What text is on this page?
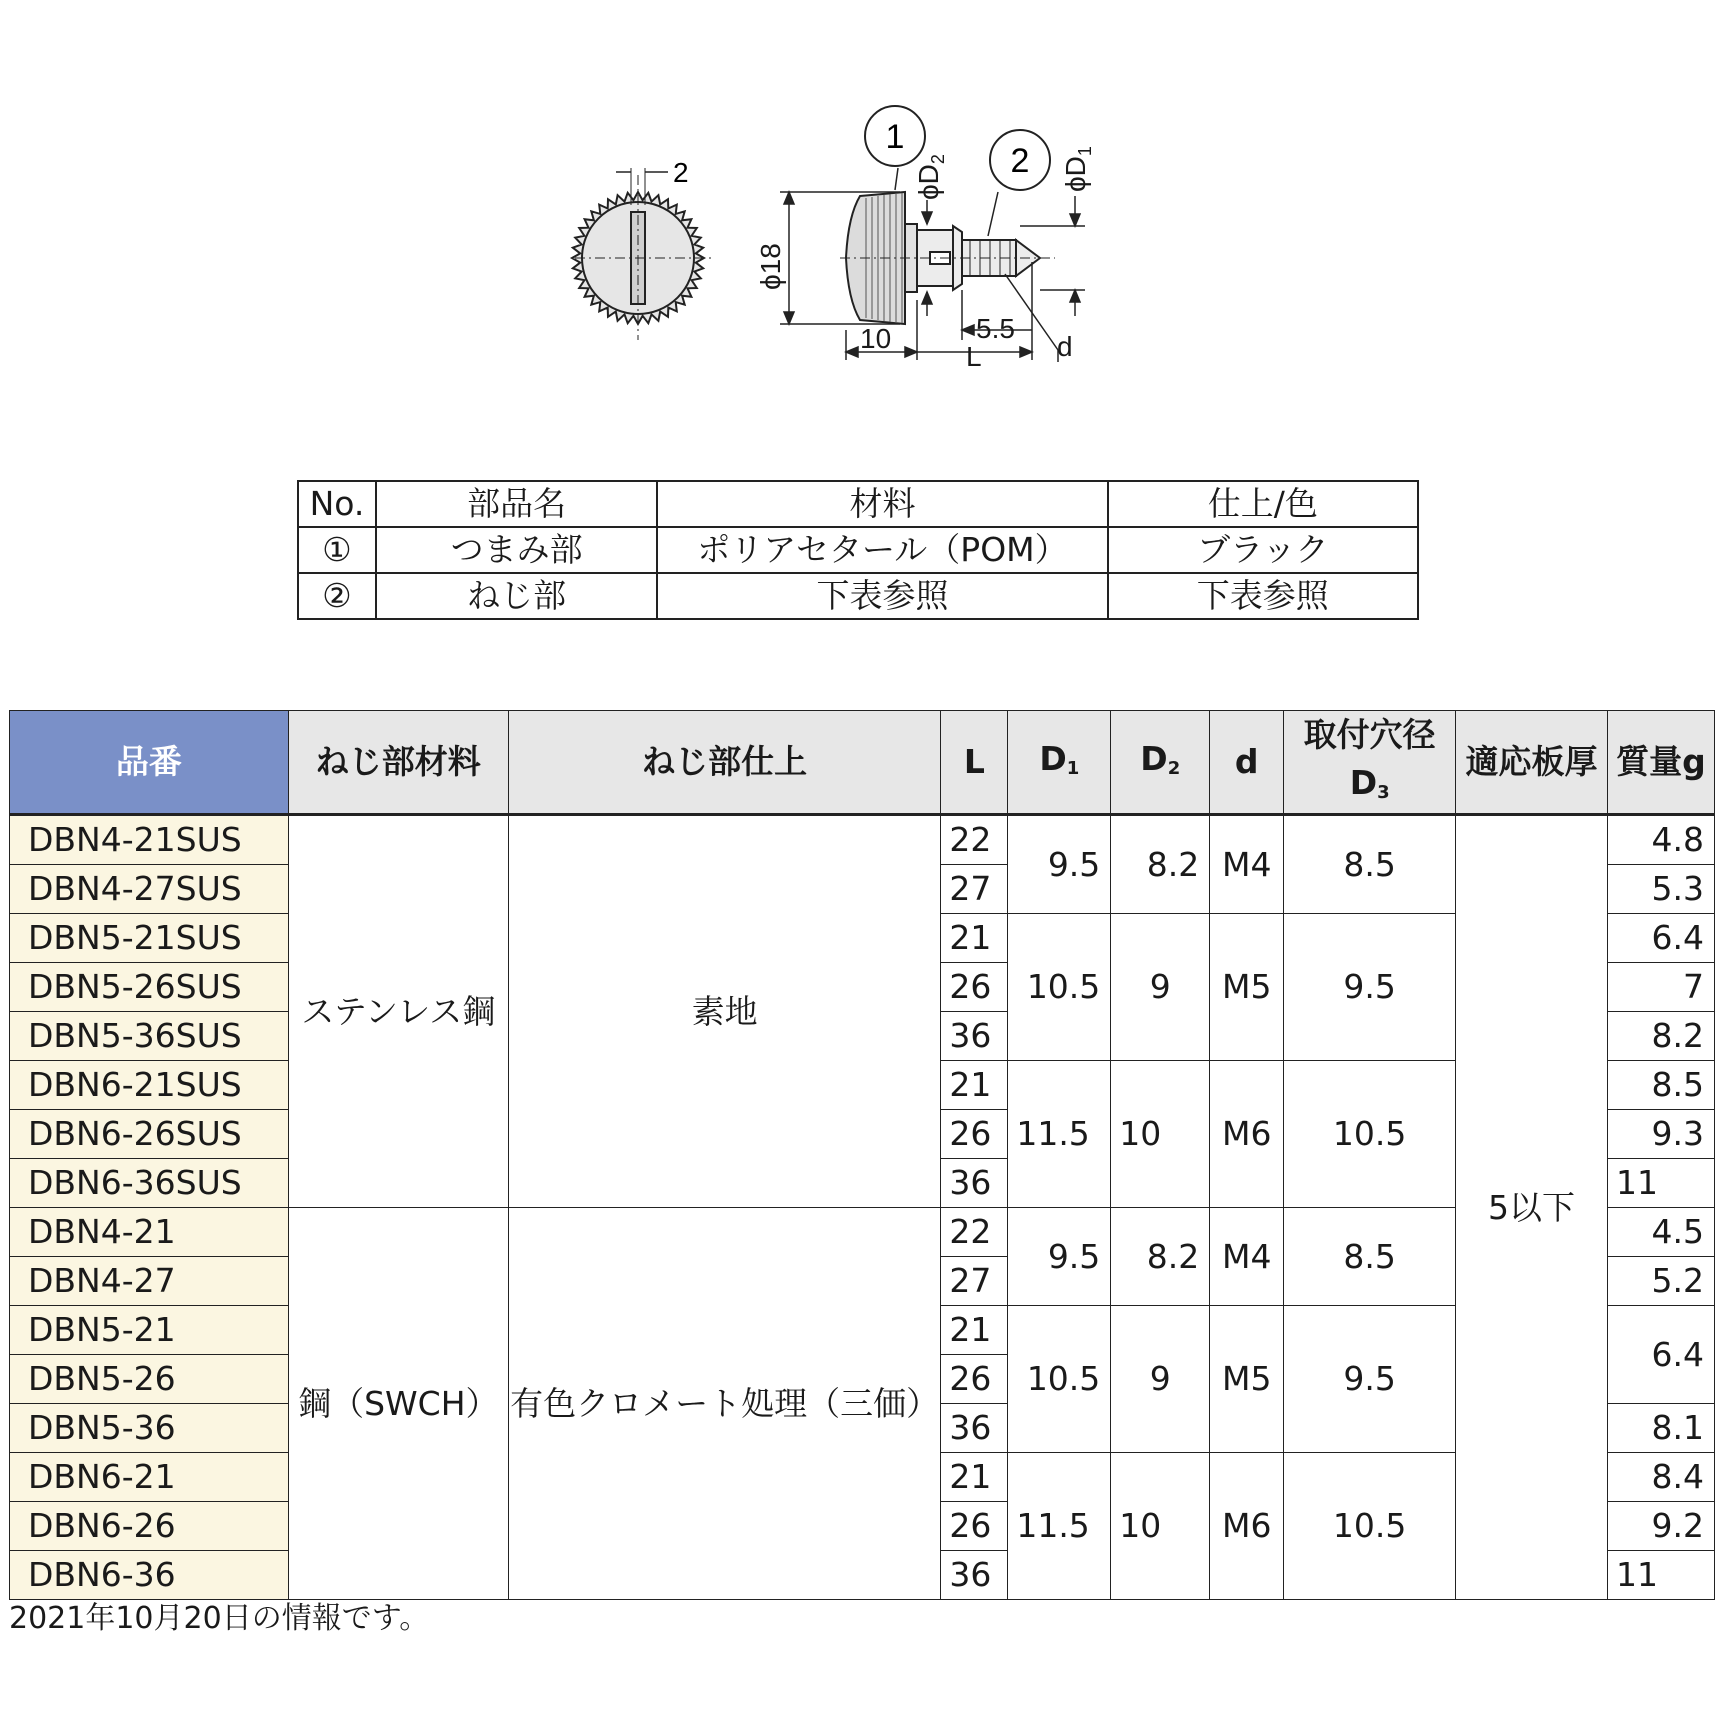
2
1
2
ϕ18
$\phi D_2$	$\phi D_1$
10	5.5
L	d
No.	部品名	材料	仕上/色
①	つまみ部	ポリアセタール（POM）	ブラック
②	ねじ部	下表参照	下表参照
品番	ねじ部材料	ねじ部仕上	L	$D_1$	$D_2$	d	取付穴径$D_3$	適応板厚	質量g
DBN4-21SUS	ステンレス鋼	素地	22	9.5	8.2	M4	8.5	5以下	4.8
DBN4-27SUS			27						5.3
DBN5-21SUS			21	10.5	9	M5	9.5		6.4
DBN5-26SUS			26						7
DBN5-36SUS			36						8.2
DBN6-21SUS			21	11.5	10	M6	10.5		8.5
DBN6-26SUS			26						9.3
DBN6-36SUS			36						11
DBN4-21	鋼（SWCH）	有色クロメート処理（三価）	22	9.5	8.2	M4	8.5		4.5
DBN4-27			27						5.2
DBN5-21			21	10.5	9	M5	9.5		6.4
DBN5-26			26						
DBN5-36			36						8.1
DBN6-21			21	11.5	10	M6	10.5		8.4
DBN6-26			26						9.2
DBN6-36			36						11
2021年10月20日の情報です。
